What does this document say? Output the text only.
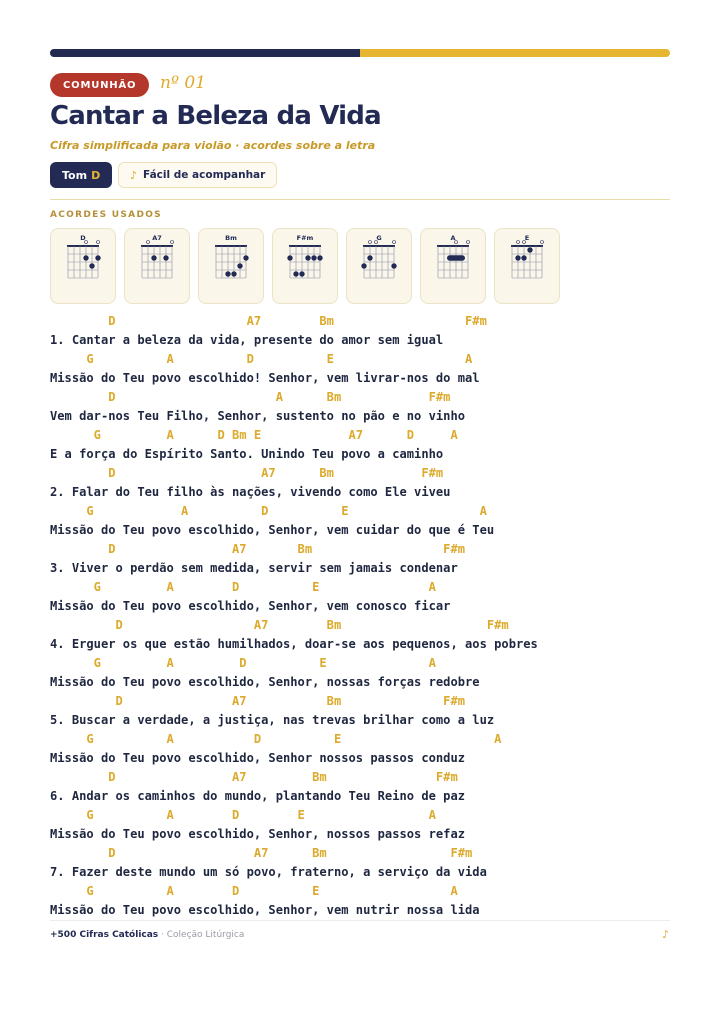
COMUNHÃO	nº 01
Cantar a Beleza da Vida
Cifra simplificada para violão · acordes sobre a letra
Tom D	♪ Fácil de acompanhar
ACORDES USADOS
D	A7	Bm	F#m	G	A	E
D                  A7        Bm                  F#m
1. Cantar a beleza da vida, presente do amor sem igual
G          A          D          E                  A
Missão do Teu povo escolhido! Senhor, vem livrar-nos do mal
D                      A      Bm            F#m
Vem dar-nos Teu Filho, Senhor, sustento no pão e no vinho
G         A      D Bm E            A7      D     A
E a força do Espírito Santo. Unindo Teu povo a caminho
D                    A7      Bm            F#m
2. Falar do Teu filho às nações, vivendo como Ele viveu
G            A          D          E                  A
Missão do Teu povo escolhido, Senhor, vem cuidar do que é Teu
D                A7       Bm                  F#m
3. Viver o perdão sem medida, servir sem jamais condenar
G         A        D          E               A
Missão do Teu povo escolhido, Senhor, vem conosco ficar
D                  A7        Bm                    F#m
4. Erguer os que estão humilhados, doar-se aos pequenos, aos pobres
G         A         D          E              A
Missão do Teu povo escolhido, Senhor, nossas forças redobre
D               A7           Bm              F#m
5. Buscar a verdade, a justiça, nas trevas brilhar como a luz
G          A           D          E                     A
Missão do Teu povo escolhido, Senhor nossos passos conduz
D                A7         Bm               F#m
6. Andar os caminhos do mundo, plantando Teu Reino de paz
G          A        D        E                 A
Missão do Teu povo escolhido, Senhor, nossos passos refaz
D                   A7      Bm                 F#m
7. Fazer deste mundo um só povo, fraterno, a serviço da vida
G          A        D          E                  A
Missão do Teu povo escolhido, Senhor, vem nutrir nossa lida
+500 Cifras Católicas · Coleção Litúrgica	♪
